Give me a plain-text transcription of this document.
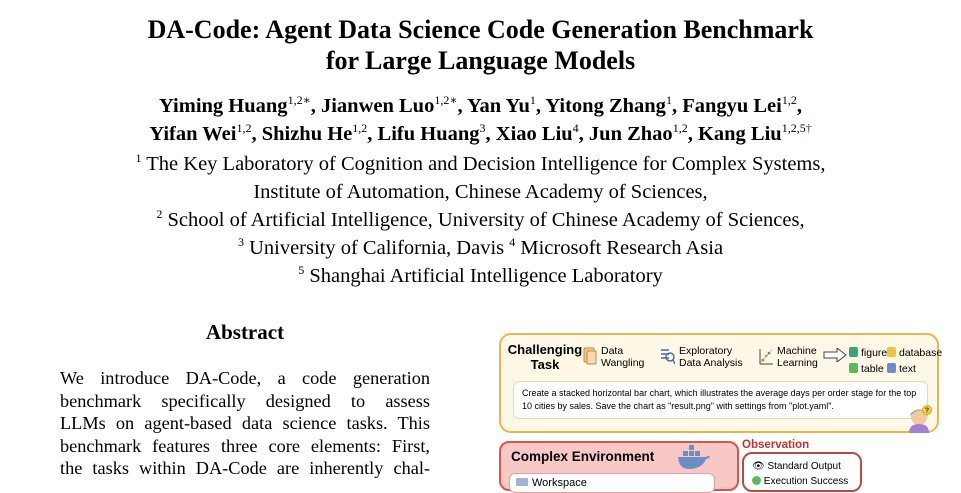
DA-Code: Agent Data Science Code Generation Benchmark
for Large Language Models
Yiming Huang$^{1,2∗}$, Jianwen Luo$^{1,2∗}$, Yan Yu$^1$, Yitong Zhang$^1$, Fangyu Lei$^{1,2}$,
Yifan Wei$^{1,2}$, Shizhu He$^{1,2}$, Lifu Huang$^3$, Xiao Liu$^4$, Jun Zhao$^{1,2}$, Kang Liu$^{1,2,5\dagger}$
$^1$ The Key Laboratory of Cognition and Decision Intelligence for Complex Systems,
Institute of Automation, Chinese Academy of Sciences,
$^2$ School of Artificial Intelligence, University of Chinese Academy of Sciences,
$^3$ University of California, Davis $^4$ Microsoft Research Asia
$^5$ Shanghai Artificial Intelligence Laboratory
Abstract
We introduce DA-Code, a code generation
benchmark specifically designed to assess
LLMs on agent-based data science tasks. This
benchmark features three core elements: First,
the tasks within DA-Code are inherently chal-
Challenging Task
Data
Wangling
Exploratory
Data Analysis
Machine
Learning
figure	database
table	text
Create a stacked horizontal bar chart, which illustrates the average days per order stage for the top 10 cities by sales. Save the chart as "result.png" with settings from "plot.yaml".	?
Complex Environment
Workspace
Observation
👁 Standard Output
Execution Success
